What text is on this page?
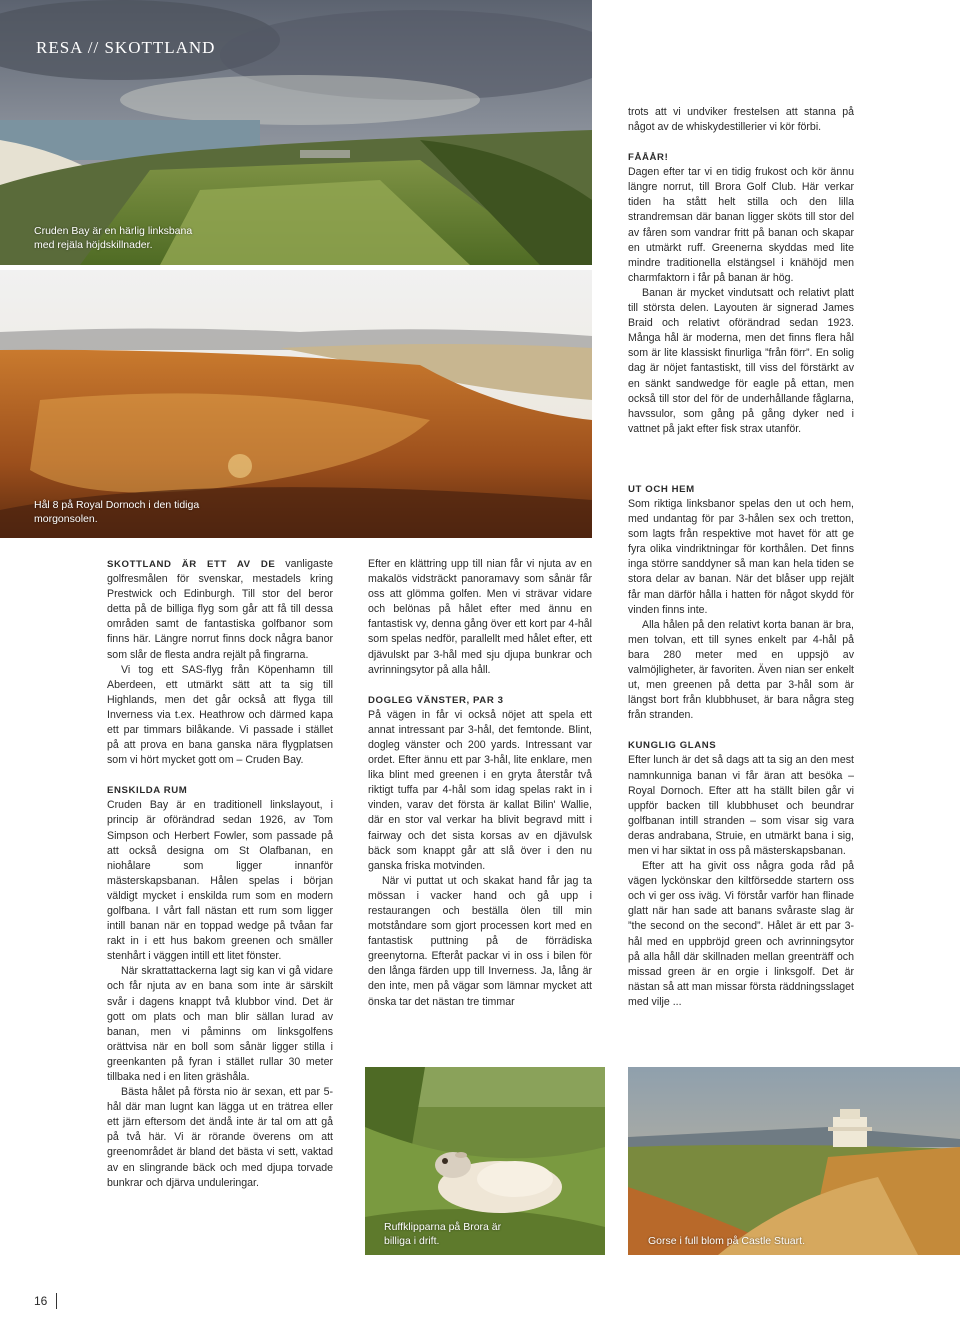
RESA // SKOTTLAND
Cruden Bay är en härlig linksbana med rejäla höjdskillnader.
Hål 8 på Royal Dornoch i den tidiga morgonsolen.

trots att vi undviker frestelsen att stanna på något av de whiskydestillerier vi kör förbi.

FÅÅÅR!

Dagen efter tar vi en tidig frukost och kör ännu längre norrut, till Brora Golf Club. Här verkar tiden ha stått helt stilla och den lilla strandremsan där banan ligger sköts till stor del av fåren som vandrar fritt på banan och skapar en utmärkt ruff. Greenerna skyddas med lite mindre traditionella elstängsel i knähöjd men charmfaktorn i får på banan är hög.

Banan är mycket vindutsatt och relativt platt till största delen. Layouten är signerad James Braid och relativt oförändrad sedan 1923. Många hål är moderna, men det finns flera hål som är lite klassiskt finurliga ”från förr”. En solig dag är nöjet fantastiskt, till viss del förstärkt av en sänkt sandwedge för eagle på ettan, men också till stor del för de underhållande fåglarna, havssulor, som gång på gång dyker ned i vattnet på jakt efter fisk strax utanför.

SKOTTLAND ÄR ETT AV DE vanligaste golfresmålen för svenskar, mestadels kring Prestwick och Edinburgh. Till stor del beror detta på de billiga flyg som går att få till dessa områden samt de fantastiska golfbanor som finns här. Längre norrut finns dock några banor som slår de flesta andra rejält på fingrarna.

Vi tog ett SAS-flyg från Köpenhamn till Aberdeen, ett utmärkt sätt att ta sig till Highlands, men det går också att flyga till Inverness via t.ex. Heathrow och därmed kapa ett par timmars bilåkande. Vi passade i stället på att prova en bana ganska nära flygplatsen som vi hört mycket gott om – Cruden Bay.

ENSKILDA RUM

Cruden Bay är en traditionell linkslayout, i princip är oförändrad sedan 1926, av Tom Simpson och Herbert Fowler, som passade på att också designa om St Olafbanan, en niohålare som ligger innanför mästerskapsbanan. Hålen spelas i början väldigt mycket i enskilda rum som en modern golfbana. I vårt fall nästan ett rum som ligger intill banan när en toppad wedge på tvåan far rakt in i ett hus bakom greenen och smäller stenhårt i väggen intill ett litet fönster.

När skrattattackerna lagt sig kan vi gå vidare och får njuta av en bana som inte är särskilt svår i dagens knappt två klubbor vind. Det är gott om plats och man blir sällan lurad av banan, men vi påminns om linksgolfens orättvisa när en boll som sånär ligger stilla i greenkanten på fyran i stället rullar 30 meter tillbaka ned i en liten gräshåla.

Bästa hålet på första nio är sexan, ett par 5-hål där man lugnt kan lägga ut en trätrea eller ett järn eftersom det ändå inte är tal om att gå på två här. Vi är rörande överens om att greenområdet är bland det bästa vi sett, vaktad av en slingrande bäck och med djupa torvade bunkrar och djärva unduleringar.

Efter en klättring upp till nian får vi njuta av en makalös vidsträckt panoramavy som sånär får oss att glömma golfen. Men vi strävar vidare och belönas på hålet efter med ännu en fantastisk vy, denna gång över ett kort par 4-hål som spelas nedför, parallellt med hålet efter, ett djävulskt par 3-hål med sju djupa bunkrar och avrinningsytor på alla håll.

DOGLEG VÄNSTER, PAR 3

På vägen in får vi också nöjet att spela ett annat intressant par 3-hål, det femtonde. Blint, dogleg vänster och 200 yards. Intressant var ordet. Efter ännu ett par 3-hål, lite enklare, men lika blint med greenen i en gryta återstår två riktigt tuffa par 4-hål som idag spelas rakt in i vinden, varav det första är kallat Bilin' Wallie, där en stor val verkar ha blivit begravd mitt i fairway och det sista korsas av en djävulsk bäck som knappt går att slå över i den nu ganska friska motvinden.

När vi puttat ut och skakat hand får jag ta mössan i vacker hand och gå upp i restaurangen och beställa ölen till min motståndare som gjort processen kort med en fantastisk puttning på de förrädiska greenytorna. Efteråt packar vi in oss i bilen för den långa färden upp till Inverness. Ja, lång är den inte, men på vägar som lämnar mycket att önska tar det nästan tre timmar

UT OCH HEM

Som riktiga linksbanor spelas den ut och hem, med undantag för par 3-hålen sex och tretton, som lagts från respektive mot havet för att ge fyra olika vindriktningar för korthålen. Det finns inga större sanddyner så man kan hela tiden se stora delar av banan. När det blåser upp rejält får man därför hålla i hatten för något skydd för vinden finns inte.

Alla hålen på den relativt korta banan är bra, men tolvan, ett till synes enkelt par 4-hål på bara 280 meter med en uppsjö av valmöjligheter, är favoriten. Även nian ser enkelt ut, men greenen på detta par 3-hål som är längst bort från klubbhuset, är bara några steg från stranden.

KUNGLIG GLANS

Efter lunch är det så dags att ta sig an den mest namnkunniga banan vi får äran att besöka – Royal Dornoch. Efter att ha ställt bilen går vi uppför backen till klubbhuset och beundrar golfbanan intill stranden – som visar sig vara deras andrabana, Struie, en utmärkt bana i sig, men vi har siktat in oss på mästerskapsbanan.

Efter att ha givit oss några goda råd på vägen lyckönskar den kiltförsedde startern oss och vi ger oss iväg. Vi förstår varför han flinade glatt när han sade att banans svåraste slag är ”the second on the second”. Hålet är ett par 3-hål med en uppbröjd green och avrinningsytor på alla håll där skillnaden mellan greenträff och missad green är en orgie i linksgolf. Det är nästan så att man missar första räddningsslaget med vilje ...

Ruffklipparna på Brora är billiga i drift.	Gorse i full blom på Castle Stuart.
16
